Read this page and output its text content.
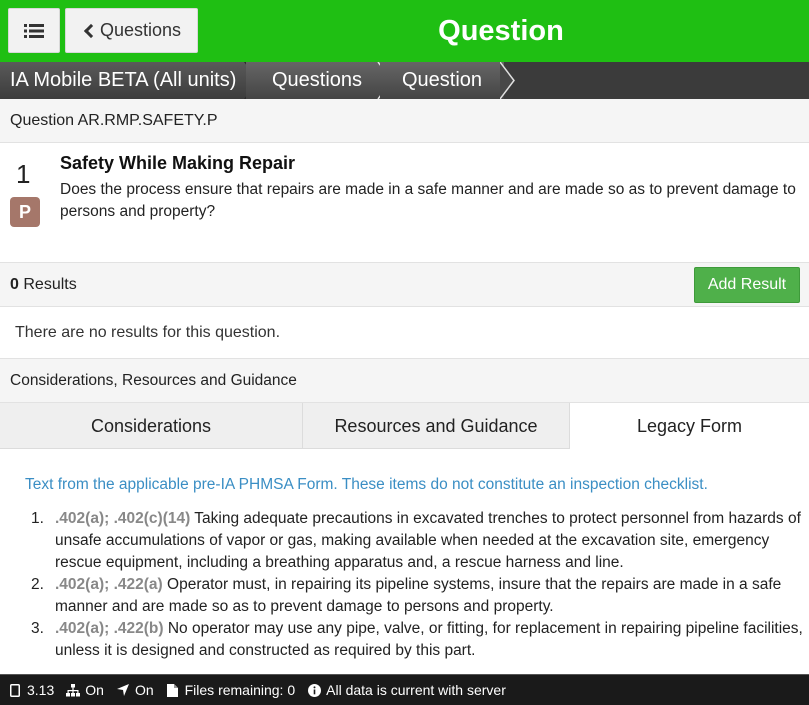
Questions	Question
IA Mobile BETA (All units)	Questions	Question
Question AR.RMP.SAFETY.P
1
P
Safety While Making Repair
Does the process ensure that repairs are made in a safe manner and are made so as to prevent damage to persons and property?
0 Results	Add Result
There are no results for this question.
Considerations, Resources and Guidance
Considerations	Resources and Guidance	Legacy Form
Text from the applicable pre-IA PHMSA Form. These items do not constitute an inspection checklist.
1. .402(a); .402(c)(14) Taking adequate precautions in excavated trenches to protect personnel from hazards of unsafe accumulations of vapor or gas, making available when needed at the excavation site, emergency rescue equipment, including a breathing apparatus and, a rescue harness and line.
2. .402(a); .422(a) Operator must, in repairing its pipeline systems, insure that the repairs are made in a safe manner and are made so as to prevent damage to persons and property.
3. .402(a); .422(b) No operator may use any pipe, valve, or fitting, for replacement in repairing pipeline facilities, unless it is designed and constructed as required by this part.
3.13 On On Files remaining: 0 All data is current with server
